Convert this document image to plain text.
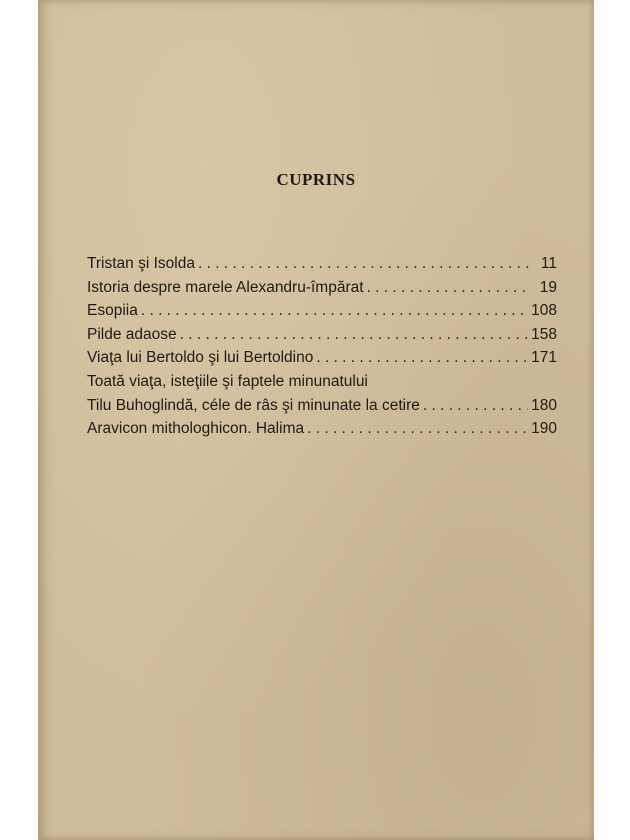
CUPRINS
Tristan şi Isolda . . .	11
Istoria despre marele Alexandru-împărat . . .	19
Esopiia . . .	108
Pilde adaose . . .	158
Viaţa lui Bertoldo şi lui Bertoldino . . .	171
Toată viaţa, isteţiile şi faptele minunatului
Tilu Buhoglindă, céle de râs şi minunate la cetire . . .	180
Aravicon mithologhicon. Halima . . .	190
